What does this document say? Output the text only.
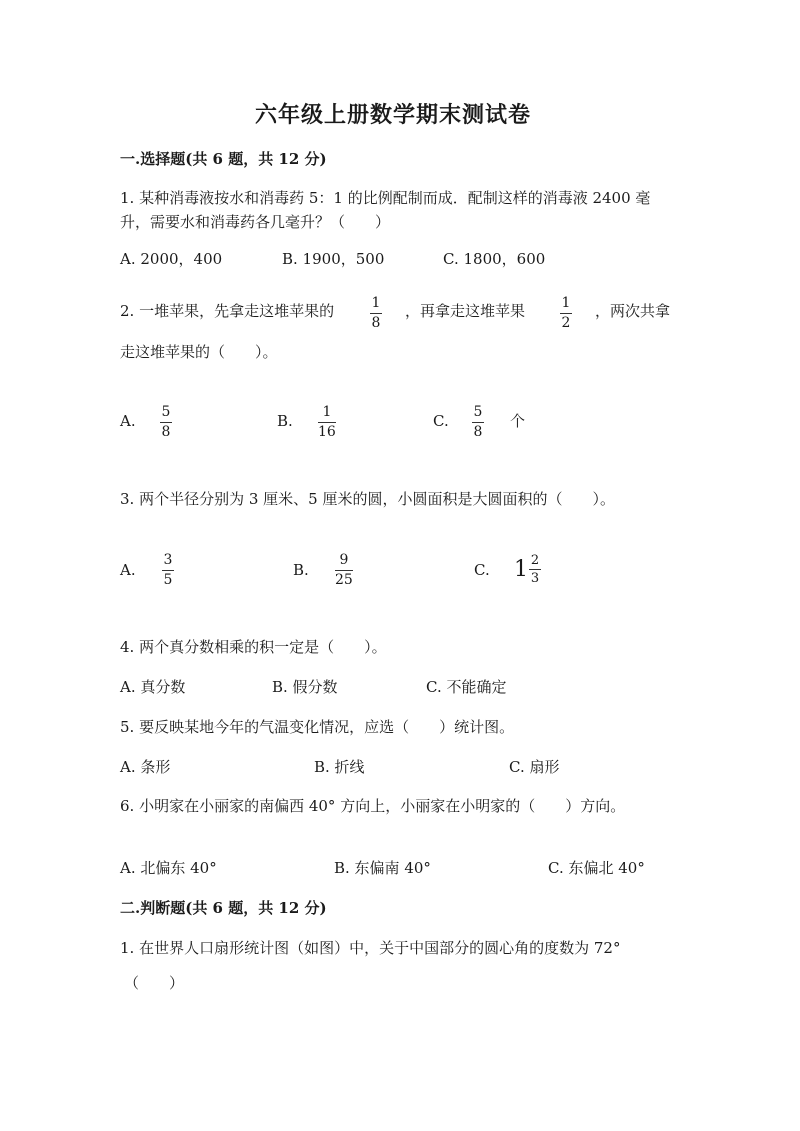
六年级上册数学期末测试卷
一.选择题(共 6 题，共 12 分)
1. 某种消毒液按水和消毒药 5：1 的比例配制而成．配制这样的消毒液 2400 毫
升，需要水和消毒药各几毫升？（　　）
A. 2000，400	B. 1900，500	C. 1800，600
2. 一堆苹果，先拿走这堆苹果的	1
8
，再拿走这堆苹果	1
2
，两次共拿
走这堆苹果的（　　）。
A. 5
8
B. 1
16
C. 5
8
个
3. 两个半径分别为 3 厘米、5 厘米的圆，小圆面积是大圆面积的（　　）。
A.
3
5
B.
9
25
C. $1 \frac{2}{3}$
4. 两个真分数相乘的积一定是（　　）。
A. 真分数	B. 假分数	C. 不能确定
5. 要反映某地今年的气温变化情况，应选（　　）统计图。
A. 条形	B. 折线	C. 扇形
6. 小明家在小丽家的南偏西 40° 方向上，小丽家在小明家的（　　）方向。
A. 北偏东 40°	B. 东偏南 40°	C. 东偏北 40°
二.判断题(共 6 题，共 12 分)
1. 在世界人口扇形统计图（如图）中，关于中国部分的圆心角的度数为 72°
（　　）
